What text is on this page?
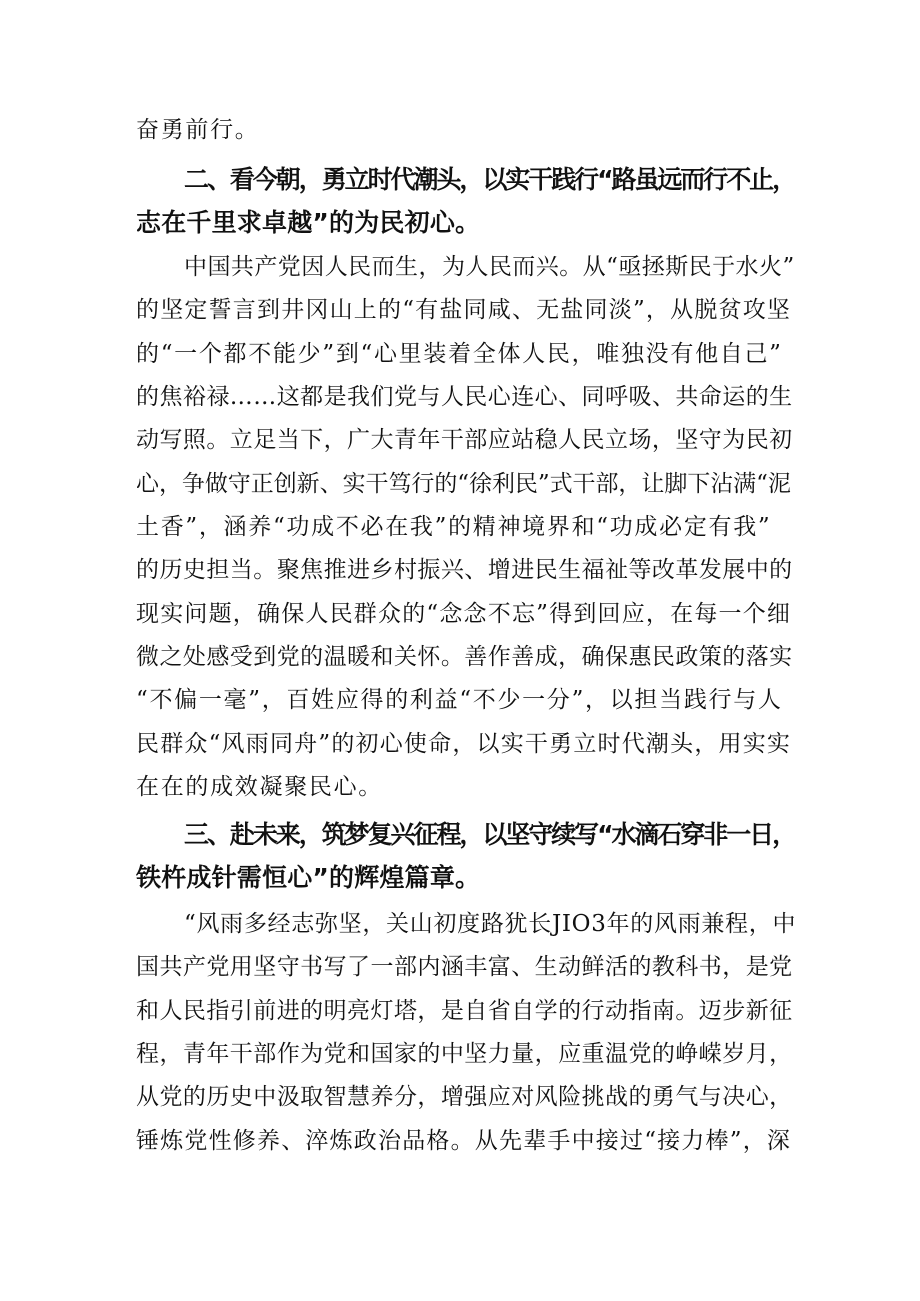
奋勇前行。
二、看今朝，勇立时代潮头，以实干践行“路虽远而行不止，
志在千里求卓越”的为民初心。
中国共产党因人民而生，为人民而兴。从“亟拯斯民于水火”
的坚定誓言到井冈山上的“有盐同咸、无盐同淡”，从脱贫攻坚
的“一个都不能少”到“心里装着全体人民，唯独没有他自己”
的焦裕禄……这都是我们党与人民心连心、同呼吸、共命运的生
动写照。立足当下，广大青年干部应站稳人民立场，坚守为民初
心，争做守正创新、实干笃行的“徐利民”式干部，让脚下沾满“泥
土香”，涵养“功成不必在我”的精神境界和“功成必定有我”
的历史担当。聚焦推进乡村振兴、增进民生福祉等改革发展中的
现实问题，确保人民群众的“念念不忘”得到回应，在每一个细
微之处感受到党的温暖和关怀。善作善成，确保惠民政策的落实
“不偏一毫”，百姓应得的利益“不少一分”，以担当践行与人
民群众“风雨同舟”的初心使命，以实干勇立时代潮头，用实实
在在的成效凝聚民心。
三、赴未来，筑梦复兴征程，以坚守续写“水滴石穿非一日，
铁杵成针需恒心”的辉煌篇章。
“风雨多经志弥坚，关山初度路犹长JIO3年的风雨兼程，中
国共产党用坚守书写了一部内涵丰富、生动鲜活的教科书，是党
和人民指引前进的明亮灯塔，是自省自学的行动指南。迈步新征
程，青年干部作为党和国家的中坚力量，应重温党的峥嵘岁月，
从党的历史中汲取智慧养分，增强应对风险挑战的勇气与决心，
锤炼党性修养、淬炼政治品格。从先辈手中接过“接力棒”，深
